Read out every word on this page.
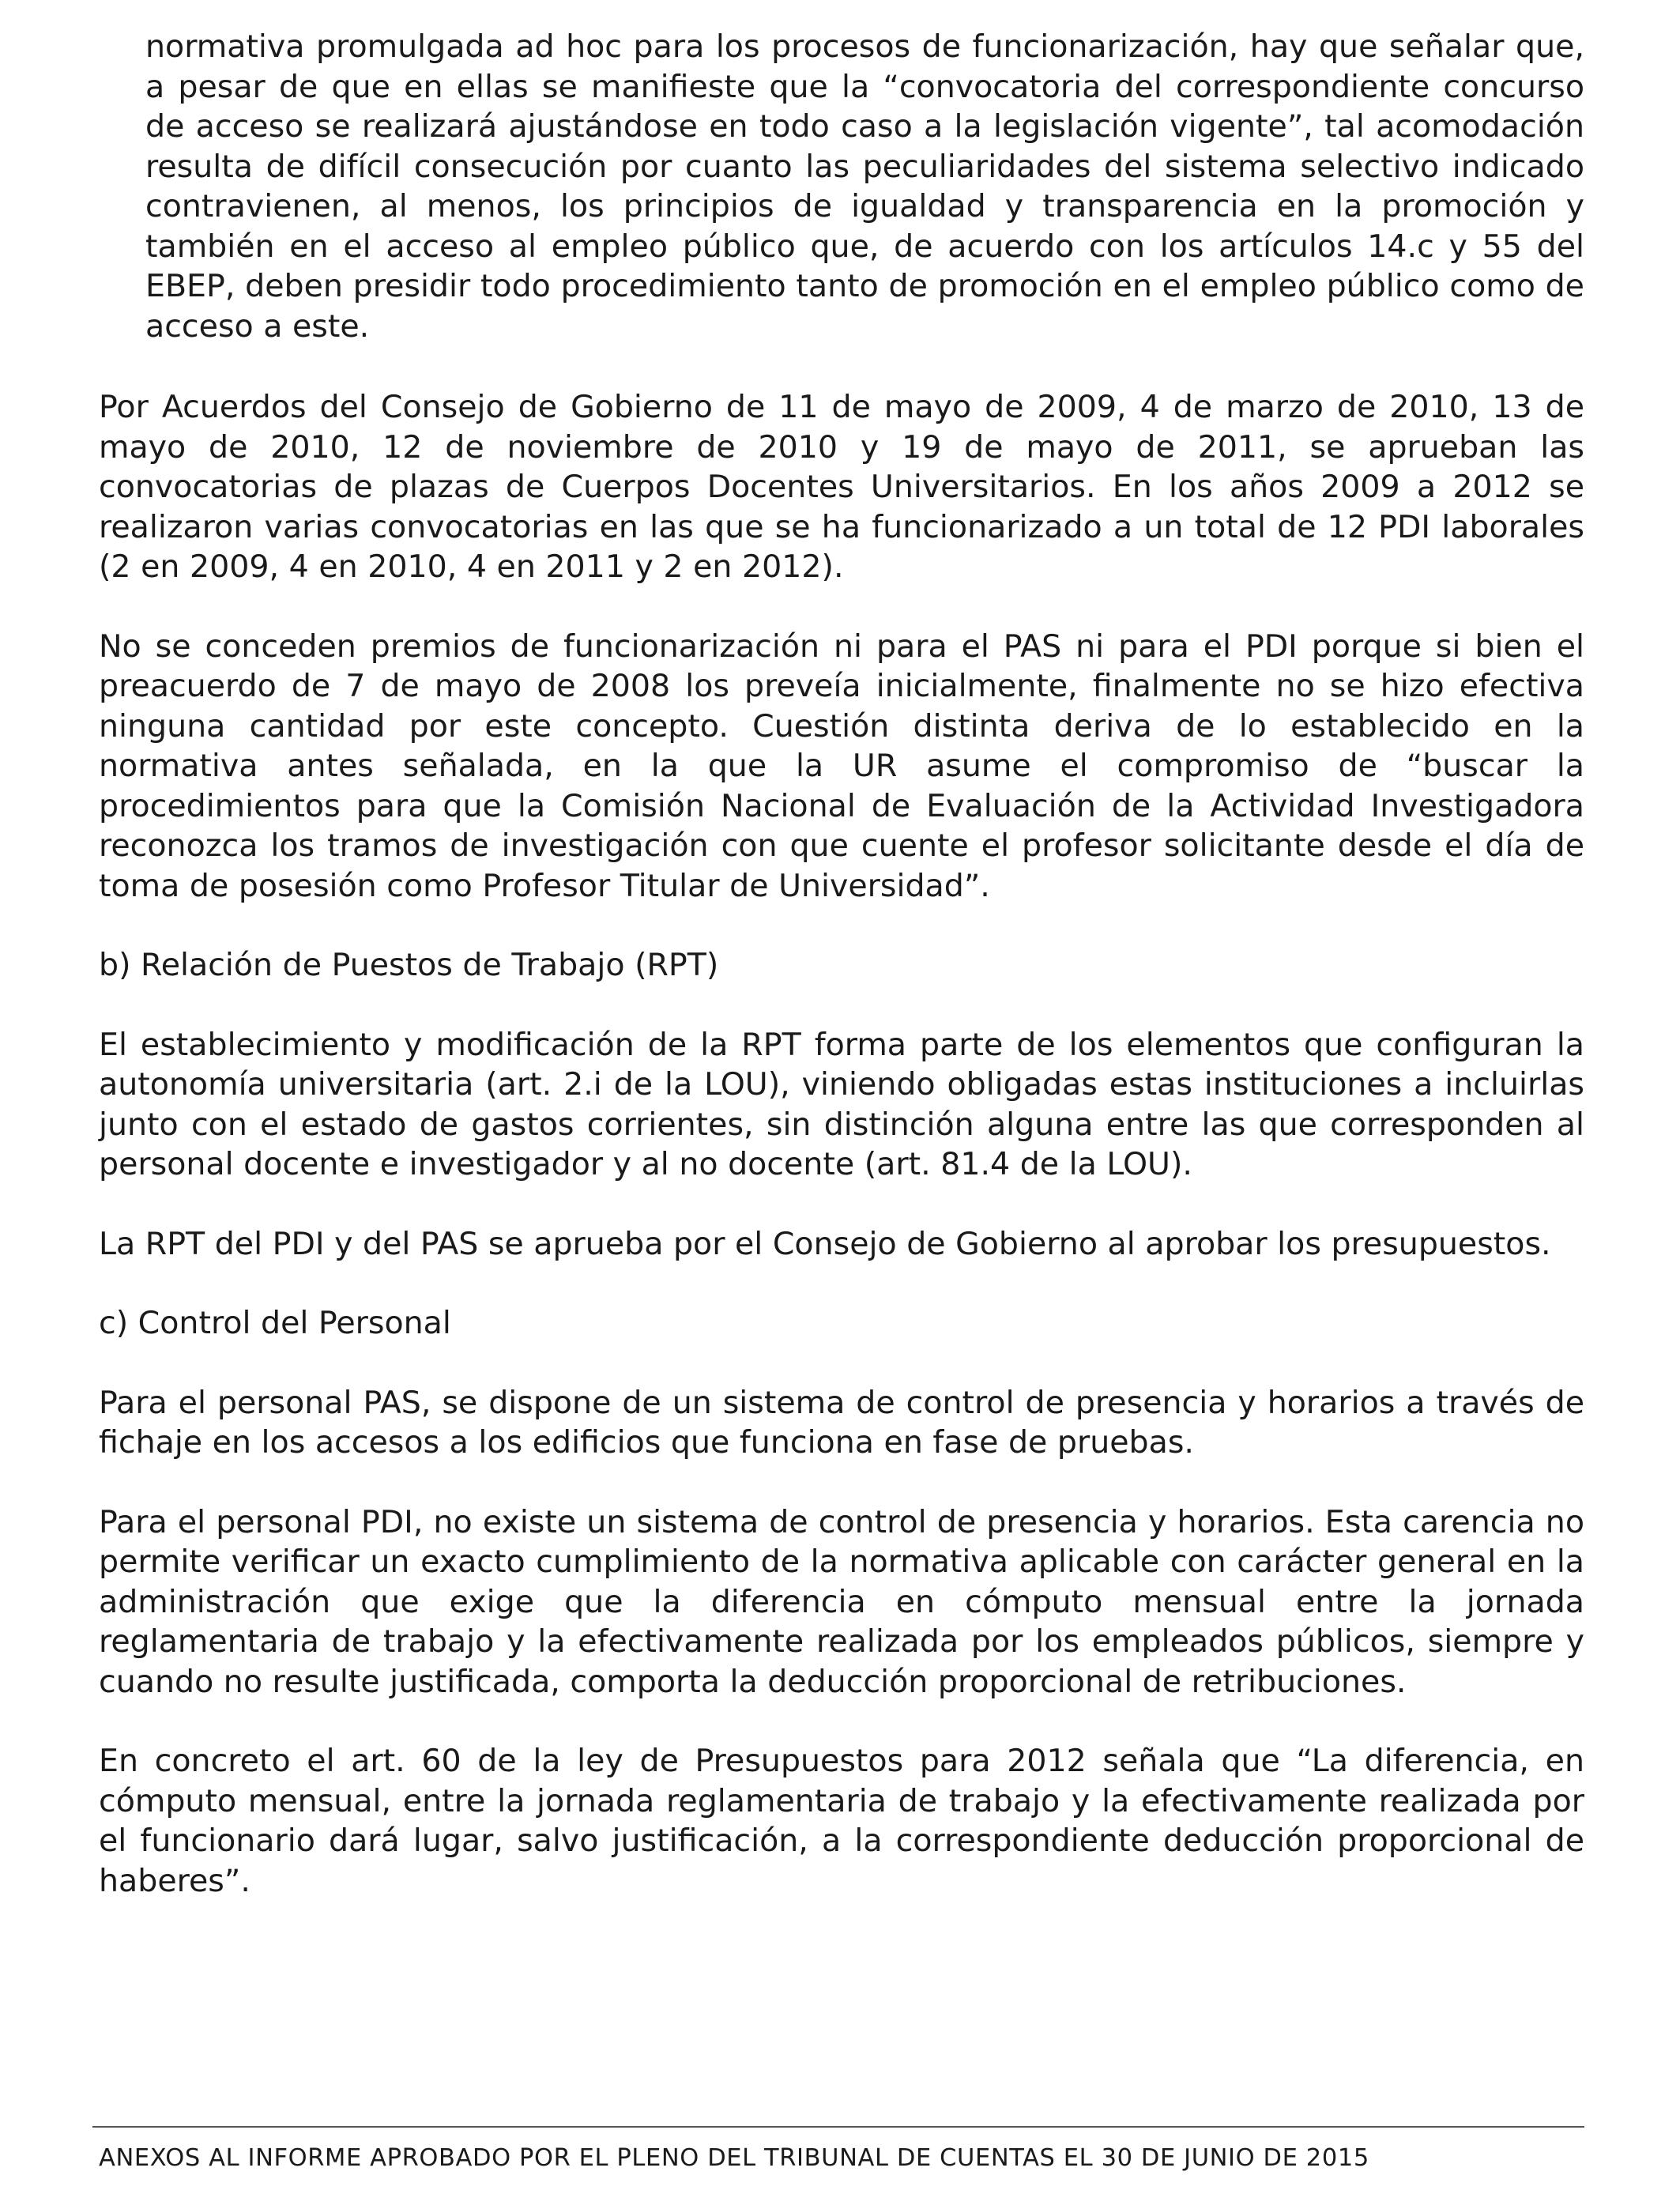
normativa promulgada ad hoc para los procesos de funcionarización, hay que señalar que, a pesar de que en ellas se manifieste que la “convocatoria del correspondiente concurso de acceso se realizará ajustándose en todo caso a la legislación vigente”, tal acomodación resulta de difícil consecución por cuanto las peculiaridades del sistema selectivo indicado contravienen, al menos, los principios de igualdad y transparencia en la promoción y también en el acceso al empleo público que, de acuerdo con los artículos 14.c y 55 del EBEP, deben presidir todo procedimiento tanto de promoción en el empleo público como de acceso a este.

Por Acuerdos del Consejo de Gobierno de 11 de mayo de 2009, 4 de marzo de 2010, 13 de mayo de 2010, 12 de noviembre de 2010 y 19 de mayo de 2011, se aprueban las convocatorias de plazas de Cuerpos Docentes Universitarios. En los años 2009 a 2012 se realizaron varias convocatorias en las que se ha funcionarizado a un total de 12 PDI laborales (2 en 2009, 4 en 2010, 4 en 2011 y 2 en 2012).

No se conceden premios de funcionarización ni para el PAS ni para el PDI porque si bien el preacuerdo de 7 de mayo de 2008 los preveía inicialmente, finalmente no se hizo efectiva ninguna cantidad por este concepto. Cuestión distinta deriva de lo establecido en la normativa antes señalada, en la que la UR asume el compromiso de “buscar la procedimientos para que la Comisión Nacional de Evaluación de la Actividad Investigadora reconozca los tramos de investigación con que cuente el profesor solicitante desde el día de toma de posesión como Profesor Titular de Universidad”.

b) Relación de Puestos de Trabajo (RPT)

El establecimiento y modificación de la RPT forma parte de los elementos que configuran la autonomía universitaria (art. 2.i de la LOU), viniendo obligadas estas instituciones a incluirlas junto con el estado de gastos corrientes, sin distinción alguna entre las que corresponden al personal docente e investigador y al no docente (art. 81.4 de la LOU).

La RPT del PDI y del PAS se aprueba por el Consejo de Gobierno al aprobar los presupuestos.

c) Control del Personal

Para el personal PAS, se dispone de un sistema de control de presencia y horarios a través de fichaje en los accesos a los edificios que funciona en fase de pruebas.

Para el personal PDI, no existe un sistema de control de presencia y horarios. Esta carencia no permite verificar un exacto cumplimiento de la normativa aplicable con carácter general en la administración que exige que la diferencia en cómputo mensual entre la jornada reglamentaria de trabajo y la efectivamente realizada por los empleados públicos, siempre y cuando no resulte justificada, comporta la deducción proporcional de retribuciones.

En concreto el art. 60 de la ley de Presupuestos para 2012 señala que “La diferencia, en cómputo mensual, entre la jornada reglamentaria de trabajo y la efectivamente realizada por el funcionario dará lugar, salvo justificación, a la correspondiente deducción proporcional de haberes”.

ANEXOS AL INFORME APROBADO POR EL PLENO DEL TRIBUNAL DE CUENTAS EL 30 DE JUNIO DE 2015
